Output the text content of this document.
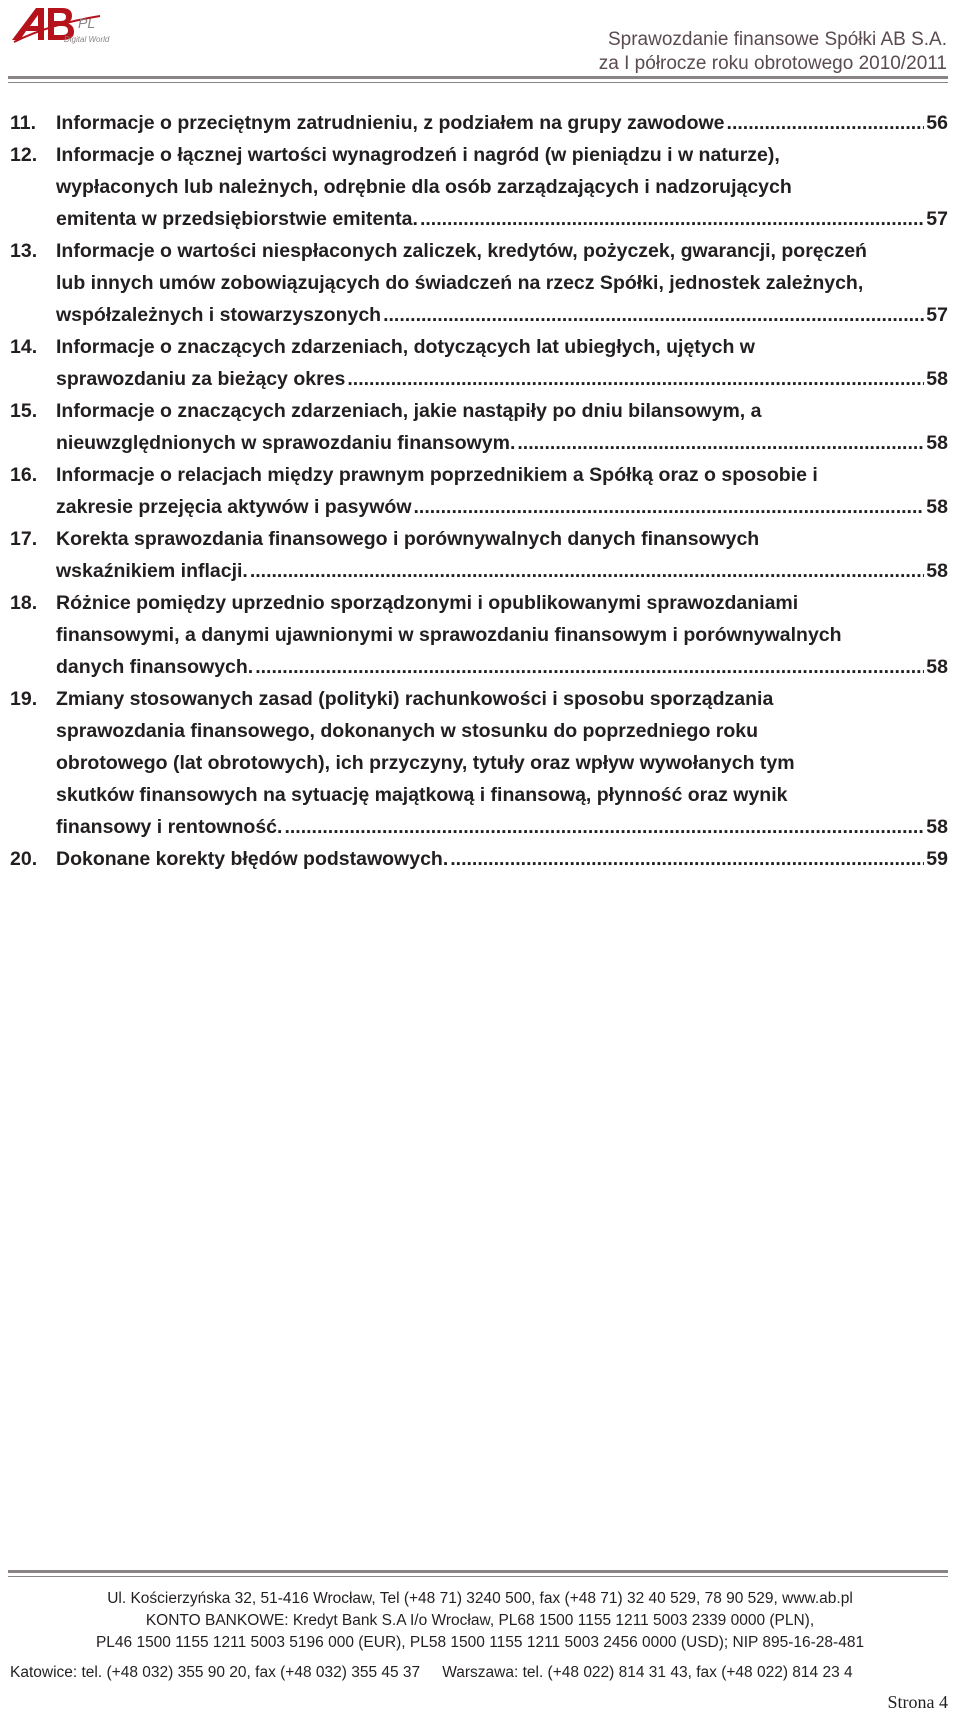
PL
Digital World	Sprawozdanie finansowe Spółki AB S.A.
za I półrocze roku obrotowego 2010/2011
11.	Informacje o przeciętnym zatrudnieniu, z podziałem na grupy zawodowe .....	56
12. Informacje o łącznej wartości wynagrodzeń i nagród (w pieniądzu i w naturze),
wypłaconych lub należnych, odrębnie dla osób zarządzających i nadzorujących
emitenta w przedsiębiorstwie emitenta. .....	57
13. Informacje o wartości niespłaconych zaliczek, kredytów, pożyczek, gwarancji, poręczeń
lub innych umów zobowiązujących do świadczeń na rzecz Spółki, jednostek zależnych,
współzależnych i stowarzyszonych .....	57
14. Informacje o znaczących zdarzeniach, dotyczących lat ubiegłych, ujętych w
sprawozdaniu za bieżący okres .....	58
15. Informacje o znaczących zdarzeniach, jakie nastąpiły po dniu bilansowym, a
nieuwzględnionych w sprawozdaniu finansowym. .....	58
16. Informacje o relacjach między prawnym poprzednikiem a Spółką oraz o sposobie i
zakresie przejęcia aktywów i pasywów .....	58
17. Korekta sprawozdania finansowego i porównywalnych danych finansowych
wskaźnikiem inflacji. .....	58
18. Różnice pomiędzy uprzednio sporządzonymi i opublikowanymi sprawozdaniami
finansowymi, a danymi ujawnionymi w sprawozdaniu finansowym i porównywalnych
danych finansowych. .....	58
19. Zmiany stosowanych zasad (polityki) rachunkowości i sposobu sporządzania
sprawozdania finansowego, dokonanych w stosunku do poprzedniego roku
obrotowego (lat obrotowych), ich przyczyny, tytuły oraz wpływ wywołanych tym
skutków finansowych na sytuację majątkową i finansową, płynność oraz wynik
finansowy i rentowność. .....	58
20. Dokonane korekty błędów podstawowych. .....	59
Ul. Kościerzyńska 32, 51-416 Wrocław, Tel (+48 71) 3240 500, fax (+48 71) 32 40 529, 78 90 529, www.ab.pl
KONTO BANKOWE: Kredyt Bank S.A I/o Wrocław, PL68 1500 1155 1211 5003 2339 0000 (PLN),
PL46 1500 1155 1211 5003 5196 000 (EUR), PL58 1500 1155 1211 5003 2456 0000 (USD); NIP 895-16-28-481
Katowice: tel. (+48 032) 355 90 20, fax (+48 032) 355 45 37 Warszawa: tel. (+48 022) 814 31 43, fax (+48 022) 814 23 4
Strona 4
